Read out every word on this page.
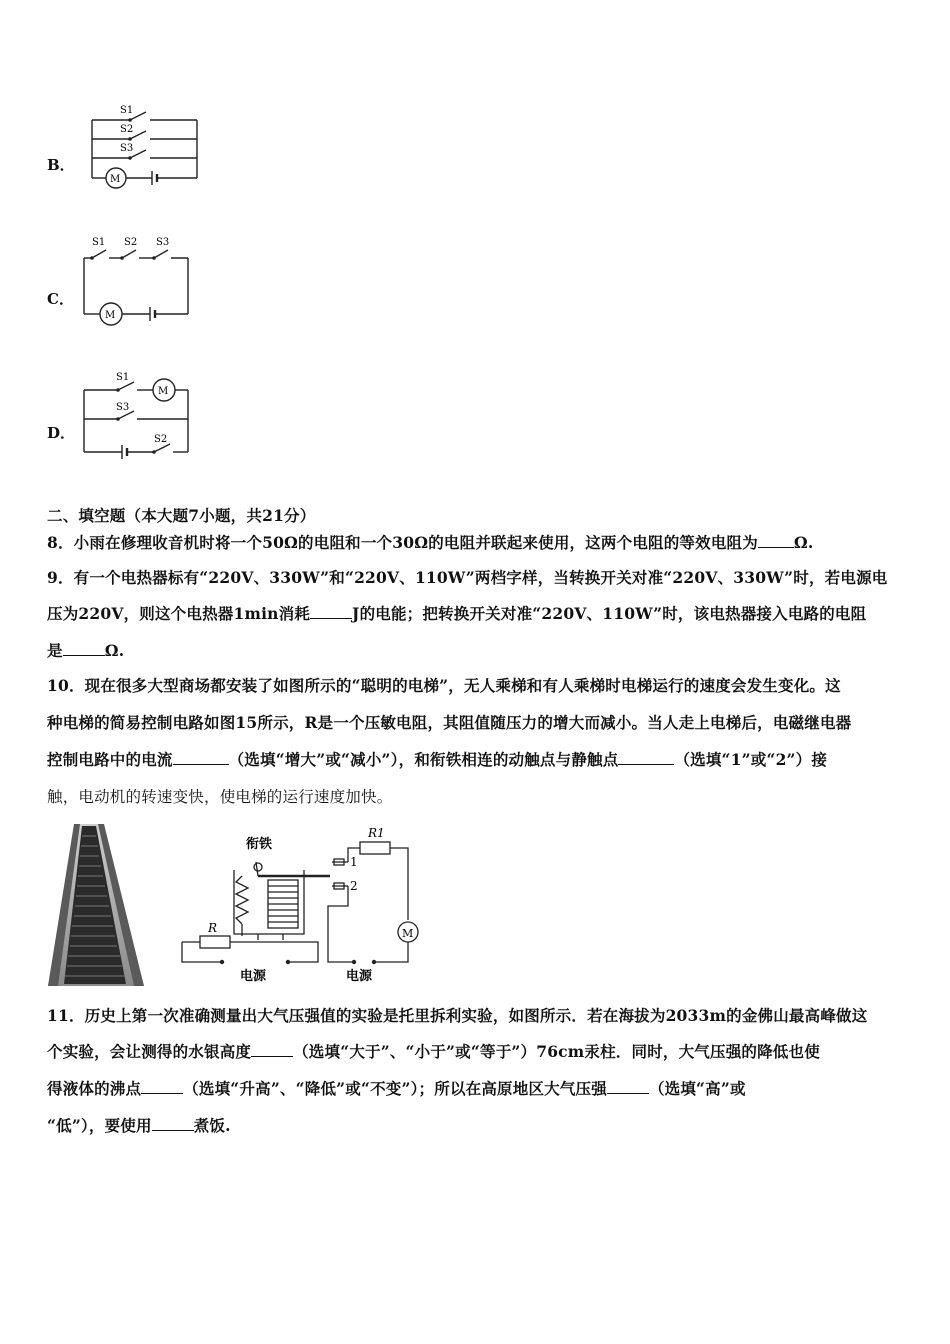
B．
S1
S2
S3
M
C．
S1 S2 S3
M
D．
S1
S3
S2
M
二、填空题（本大题7小题，共21分）
8．小雨在修理收音机时将一个50Ω的电阻和一个30Ω的电阻并联起来使用，这两个电阻的等效电阻为 Ω.
9．有一个电热器标有“220V、330W”和“220V、110W”两档字样，当转换开关对准“220V、330W”时，若电源电
压为220V，则这个电热器1min消耗	J的电能；把转换开关对准“220V、110W”时，该电热器接入电路的电阻
是	Ω.
10．现在很多大型商场都安装了如图所示的“聪明的电梯”，无人乘梯和有人乘梯时电梯运行的速度会发生变化。这
种电梯的简易控制电路如图15所示，R是一个压敏电阻，其阻值随压力的增大而减小。当人走上电梯后，电磁继电器
控制电路中的电流	（选填“增大”或“减小”），和衔铁相连的动触点与静触点	（选填“1”或“2”）接
触，电动机的转速变快，使电梯的运行速度加快。
衔铁
R1
1
2
R	M
电源	电源
11．历史上第一次准确测量出大气压强值的实验是托里拆利实验，如图所示．若在海拔为2033m的金佛山最高峰做这
个实验，会让测得的水银高度	（选填“大于”、“小于”或“等于”）76cm汞柱．同时，大气压强的降低也使
得液体的沸点	（选填“升高”、“降低”或“不变”）；所以在高原地区大气压强	（选填“高”或
“低”），要使用	煮饭.
